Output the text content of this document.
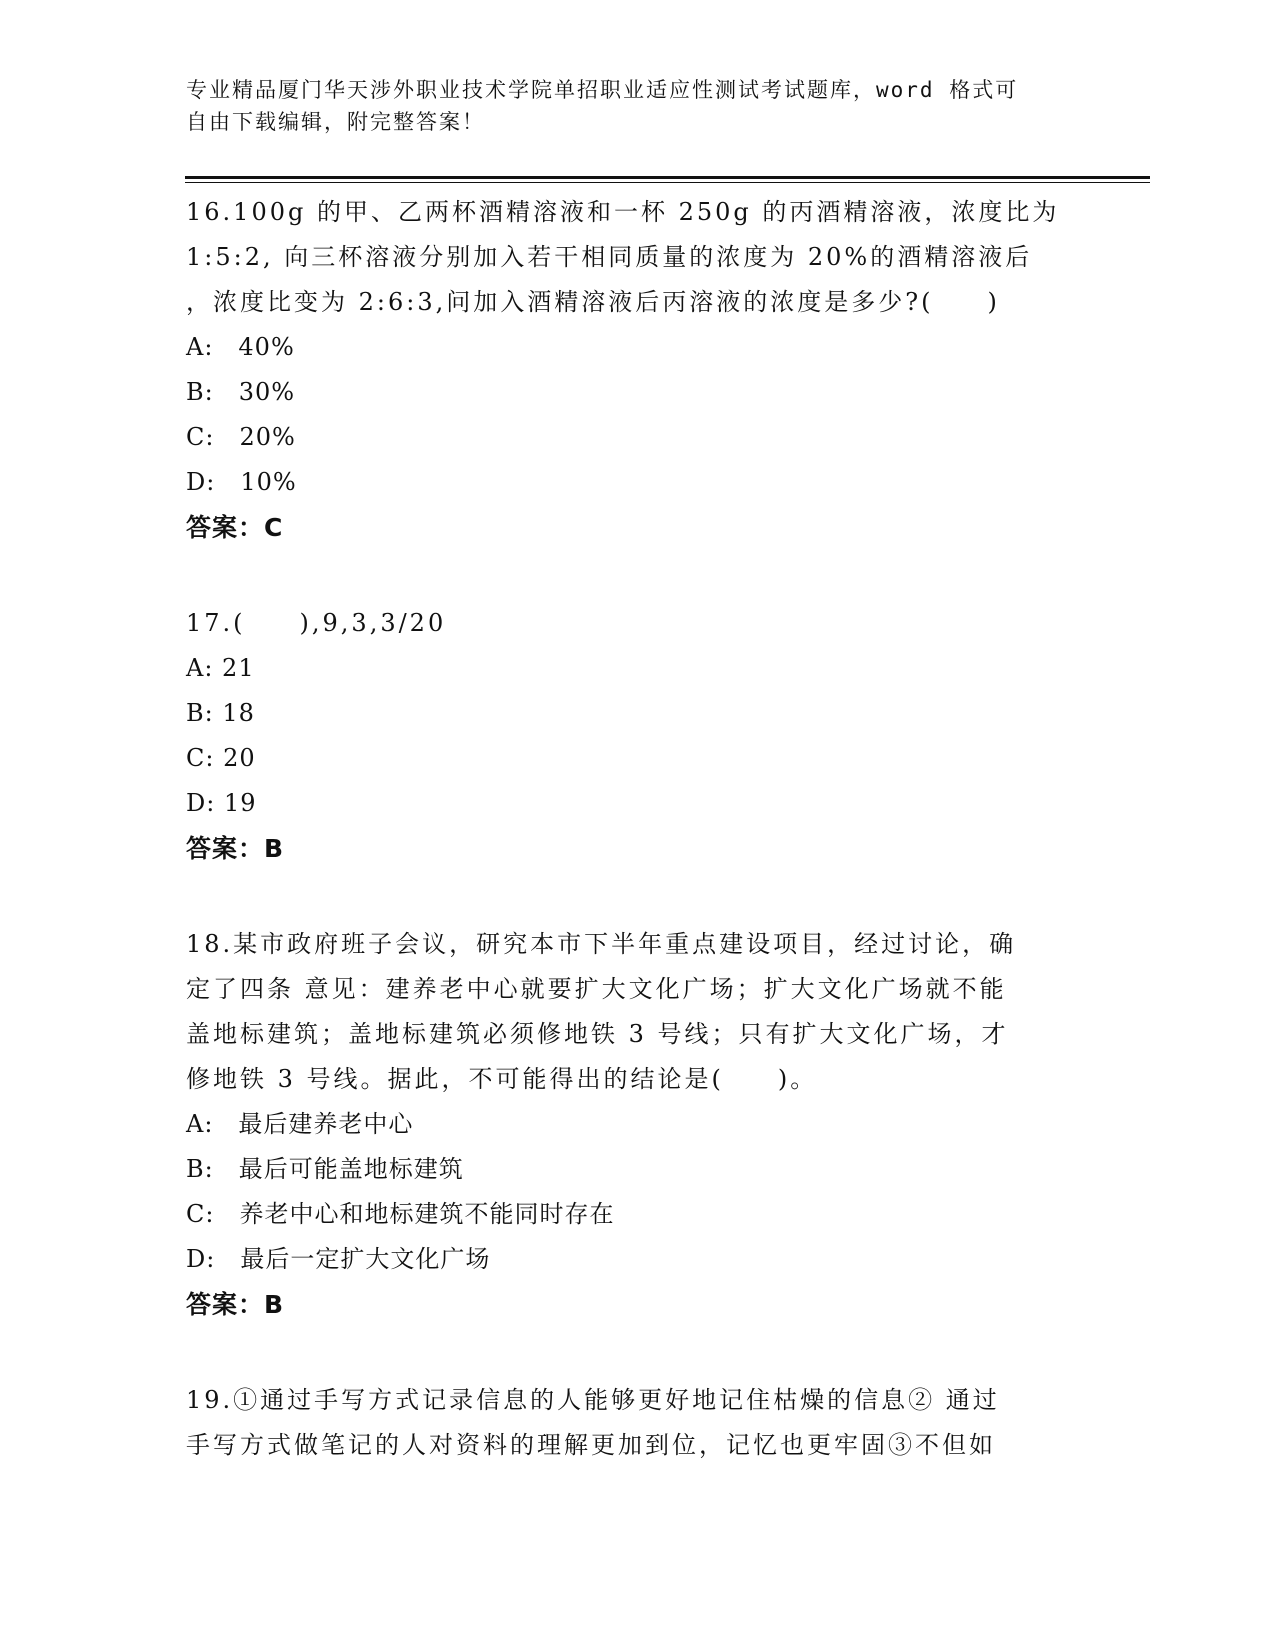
专业精品厦门华天涉外职业技术学院单招职业适应性测试考试题库，word 格式可
自由下载编辑，附完整答案！
16.100g 的甲、乙两杯酒精溶液和一杯 250g 的丙酒精溶液，浓度比为
1:5:2, 向三杯溶液分别加入若干相同质量的浓度为 20%的酒精溶液后
，浓度比变为 2:6:3,问加入酒精溶液后丙溶液的浓度是多少?(　　)
A:　40%
B:　30%
C:　20%
D:　10%
答案：C
17.(　　),9,3,3/20
A: 21
B: 18
C: 20
D: 19
答案：B
18.某市政府班子会议，研究本市下半年重点建设项目，经过讨论，确
定了四条 意见：建养老中心就要扩大文化广场；扩大文化广场就不能
盖地标建筑；盖地标建筑必须修地铁 3 号线；只有扩大文化广场，才
修地铁 3 号线。据此，不可能得出的结论是(　　)。
A:　最后建养老中心
B:　最后可能盖地标建筑
C:　养老中心和地标建筑不能同时存在
D:　最后一定扩大文化广场
答案：B
19.①通过手写方式记录信息的人能够更好地记住枯燥的信息② 通过
手写方式做笔记的人对资料的理解更加到位，记忆也更牢固③不但如
